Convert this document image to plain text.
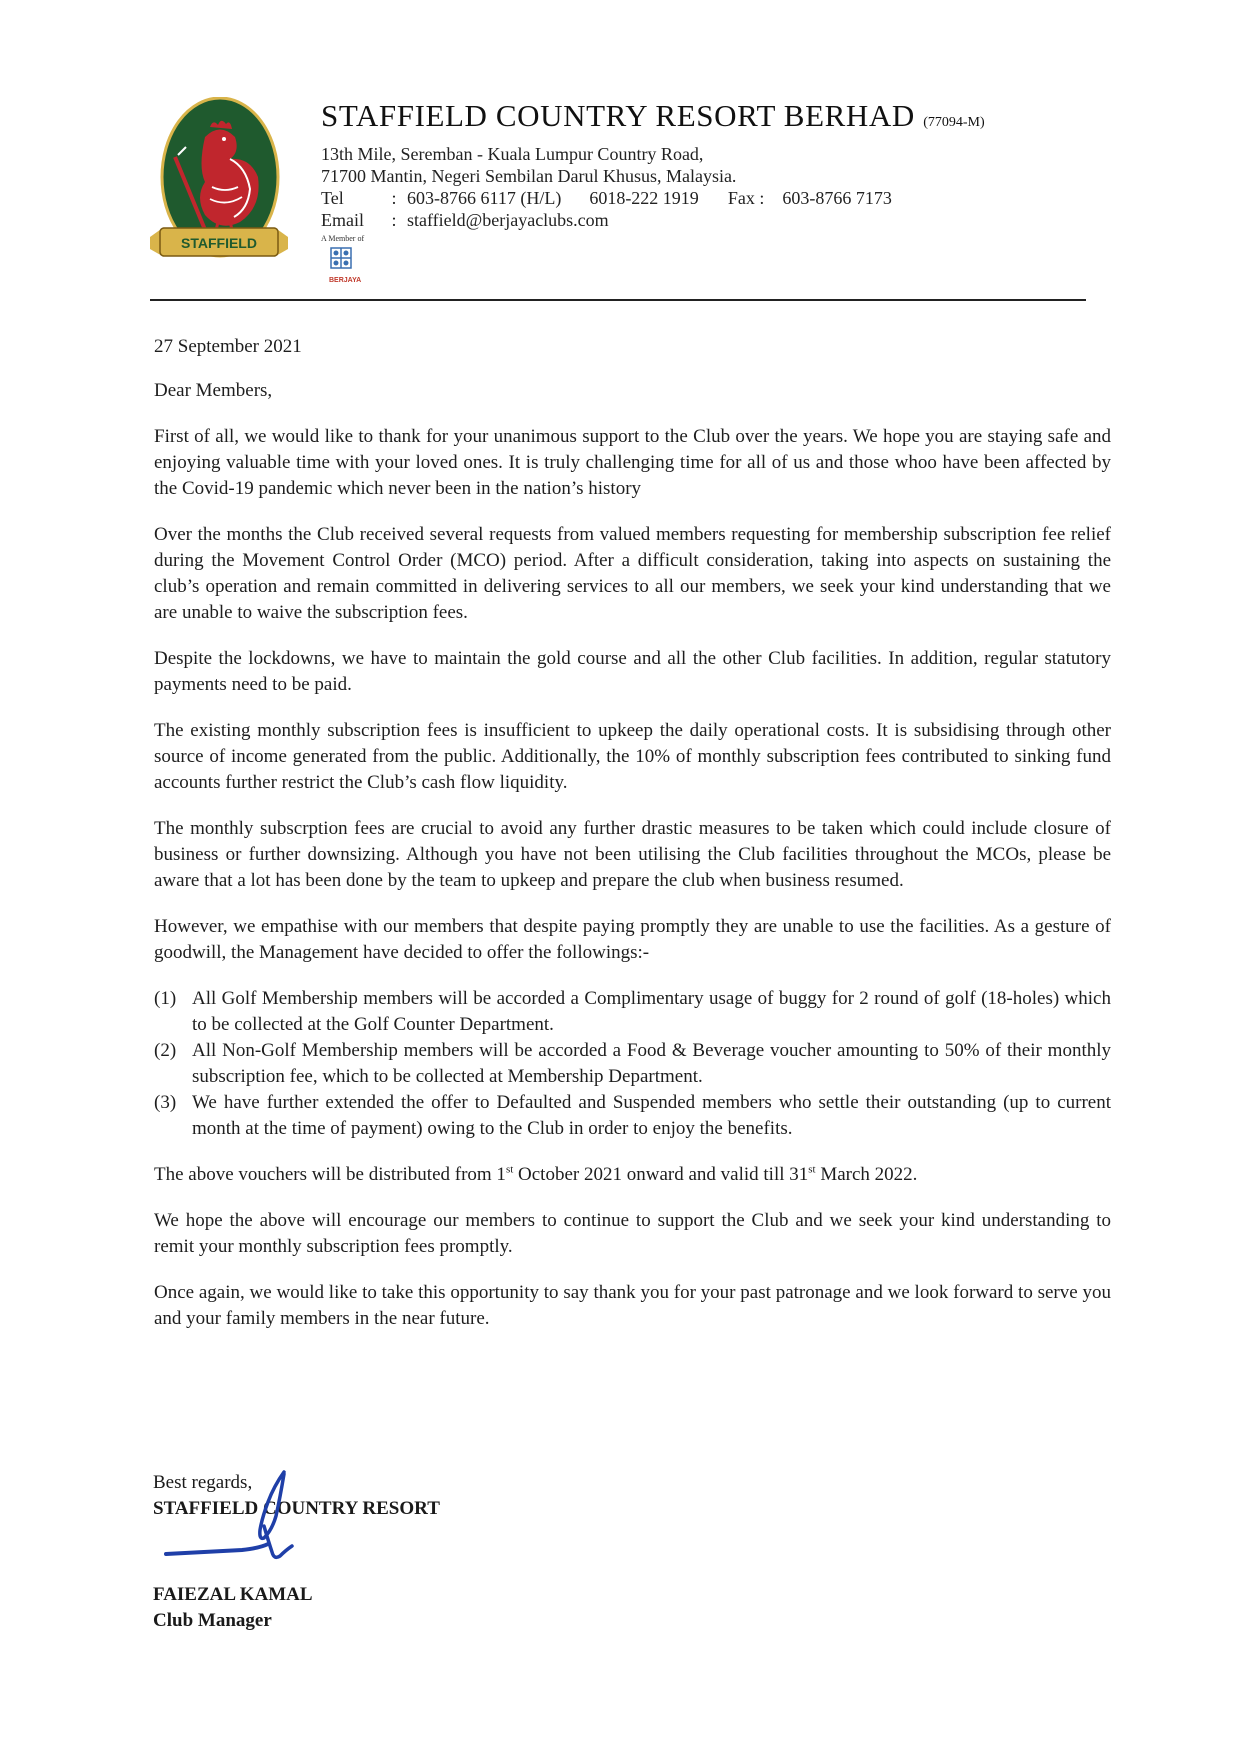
STAFFIELD
STAFFIELD COUNTRY RESORT BERHAD (77094-M)
13th Mile, Seremban - Kuala Lumpur Country Road,
71700 Mantin, Negeri Sembilan Darul Khusus, Malaysia.
Tel	: 603-8766 6117 (H/L) 6018-222 1919 Fax : 603-8766 7173
Email	: staffield@berjayaclubs.com
A Member of
BERJAYA

27 September 2021

Dear Members,

First of all, we would like to thank for your unanimous support to the Club over the years. We hope you are staying safe and enjoying valuable time with your loved ones. It is truly challenging time for all of us and those whoo have been affected by the Covid-19 pandemic which never been in the nation’s history

Over the months the Club received several requests from valued members requesting for membership subscription fee relief during the Movement Control Order (MCO) period. After a difficult consideration, taking into aspects on sustaining the club’s operation and remain committed in delivering services to all our members, we seek your kind understanding that we are unable to waive the subscription fees.

Despite the lockdowns, we have to maintain the gold course and all the other Club facilities. In addition, regular statutory payments need to be paid.

The existing monthly subscription fees is insufficient to upkeep the daily operational costs. It is subsidising through other source of income generated from the public. Additionally, the 10% of monthly subscription fees contributed to sinking fund accounts further restrict the Club’s cash flow liquidity.

The monthly subscrption fees are crucial to avoid any further drastic measures to be taken which could include closure of business or further downsizing. Although you have not been utilising the Club facilities throughout the MCOs, please be aware that a lot has been done by the team to upkeep and prepare the club when business resumed.

However, we empathise with our members that despite paying promptly they are unable to use the facilities. As a gesture of goodwill, the Management have decided to offer the followings:-

(1) All Golf Membership members will be accorded a Complimentary usage of buggy for 2 round of golf (18-holes) which to be collected at the Golf Counter Department.
(2) All Non-Golf Membership members will be accorded a Food & Beverage voucher amounting to 50% of their monthly subscription fee, which to be collected at Membership Department.
(3) We have further extended the offer to Defaulted and Suspended members who settle their outstanding (up to current month at the time of payment) owing to the Club in order to enjoy the benefits.

The above vouchers will be distributed from 1st October 2021 onward and valid till 31st March 2022.

We hope the above will encourage our members to continue to support the Club and we seek your kind understanding to remit your monthly subscription fees promptly.

Once again, we would like to take this opportunity to say thank you for your past patronage and we look forward to serve you and your family members in the near future.

Best regards,
STAFFIELD COUNTRY RESORT
FAIEZAL KAMAL
Club Manager
